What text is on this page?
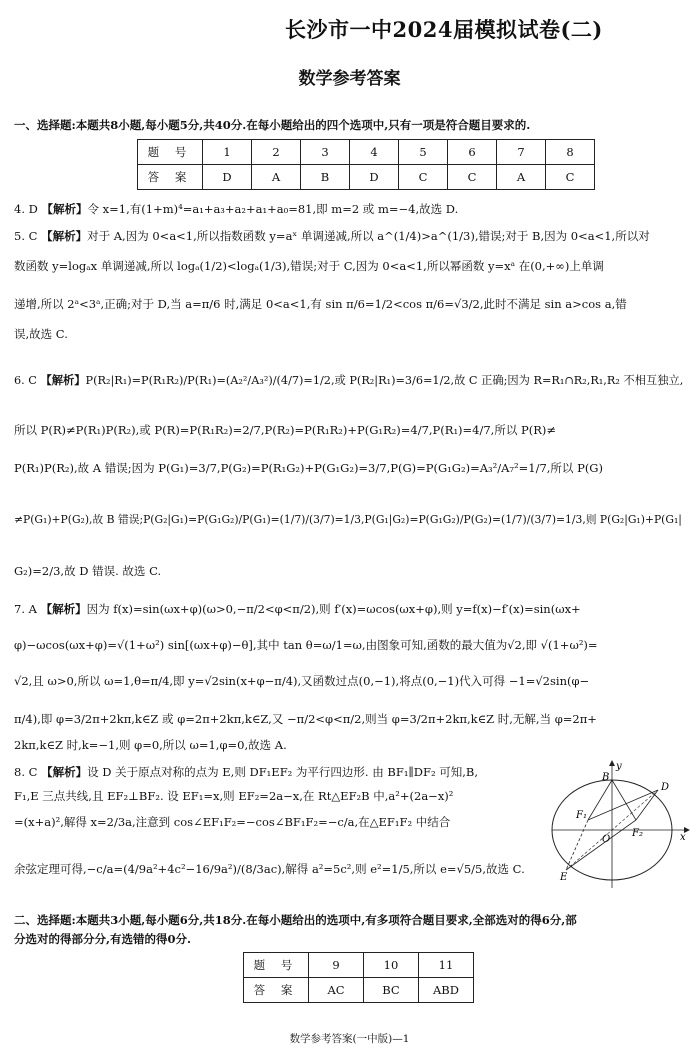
长沙市一中2024届模拟试卷(二)
数学参考答案
一、选择题:本题共8小题,每小题5分,共40分.在每小题给出的四个选项中,只有一项是符合题目要求的.
题 号	1	2	3	4	5	6	7	8
答 案	D	A	B	D	C	C	A	C
4. D 【解析】令 x=1,有(1+m)⁴=a₁+a₃+a₂+a₁+a₀=81,即 m=2 或 m=−4,故选 D.
5. C 【解析】对于 A,因为 0<a<1,所以指数函数 y=aˣ 单调递减,所以 a^(1/4)>a^(1/3),错误;对于 B,因为 0<a<1,所以对
数函数 y=logₐx 单调递减,所以 logₐ(1/2)<logₐ(1/3),错误;对于 C,因为 0<a<1,所以幂函数 y=xᵃ 在(0,+∞)上单调
递增,所以 2ᵃ<3ᵃ,正确;对于 D,当 a=π/6 时,满足 0<a<1,有 sin π/6=1/2<cos π/6=√3/2,此时不满足 sin a>cos a,错
误,故选 C.
6. C 【解析】P(R₂|R₁)=P(R₁R₂)/P(R₁)=(A₂²/A₃²)/(4/7)=1/2,或 P(R₂|R₁)=3/6=1/2,故 C 正确;因为 R=R₁∩R₂,R₁,R₂ 不相互独立,
所以 P(R)≠P(R₁)P(R₂),或 P(R)=P(R₁R₂)=2/7,P(R₂)=P(R₁R₂)+P(G₁R₂)=4/7,P(R₁)=4/7,所以 P(R)≠
P(R₁)P(R₂),故 A 错误;因为 P(G₁)=3/7,P(G₂)=P(R₁G₂)+P(G₁G₂)=3/7,P(G)=P(G₁G₂)=A₃²/A₇²=1/7,所以 P(G)
≠P(G₁)+P(G₂),故 B 错误;P(G₂|G₁)=P(G₁G₂)/P(G₁)=(1/7)/(3/7)=1/3,P(G₁|G₂)=P(G₁G₂)/P(G₂)=(1/7)/(3/7)=1/3,则 P(G₂|G₁)+P(G₁|
G₂)=2/3,故 D 错误. 故选 C.
7. A 【解析】因为 f(x)=sin(ωx+φ)(ω>0,−π/2<φ<π/2),则 f′(x)=ωcos(ωx+φ),则 y=f(x)−f′(x)=sin(ωx+
φ)−ωcos(ωx+φ)=√(1+ω²) sin[(ωx+φ)−θ],其中 tan θ=ω/1=ω,由图象可知,函数的最大值为√2,即 √(1+ω²)=
√2,且 ω>0,所以 ω=1,θ=π/4,即 y=√2sin(x+φ−π/4),又函数过点(0,−1),将点(0,−1)代入可得 −1=√2sin(φ−
π/4),即 φ=3/2π+2kπ,k∈Z 或 φ=2π+2kπ,k∈Z,又 −π/2<φ<π/2,则当 φ=3/2π+2kπ,k∈Z 时,无解,当 φ=2π+
2kπ,k∈Z 时,k=−1,则 φ=0,所以 ω=1,φ=0,故选 A.
8. C 【解析】设 D 关于原点对称的点为 E,则 DF₁EF₂ 为平行四边形. 由 BF₁∥DF₂ 可知,B,
F₁,E 三点共线,且 EF₂⊥BF₂. 设 EF₁=x,则 EF₂=2a−x,在 Rt△EF₂B 中,a²+(2a−x)²
=(x+a)²,解得 x=2/3a,注意到 cos∠EF₁F₂=−cos∠BF₁F₂=−c/a,在△EF₁F₂ 中结合
余弦定理可得,−c/a=(4/9a²+4c²−16/9a²)/(8/3ac),解得 a²=5c²,则 e²=1/5,所以 e=√5/5,故选 C.
y
B
D
F₁
O
F₂	x
E
二、选择题:本题共3小题,每小题6分,共18分.在每小题给出的选项中,有多项符合题目要求,全部选对的得6分,部
分选对的得部分分,有选错的得0分.
题 号	9	10	11
答 案	AC	BC	ABD
数学参考答案(一中版)—1
